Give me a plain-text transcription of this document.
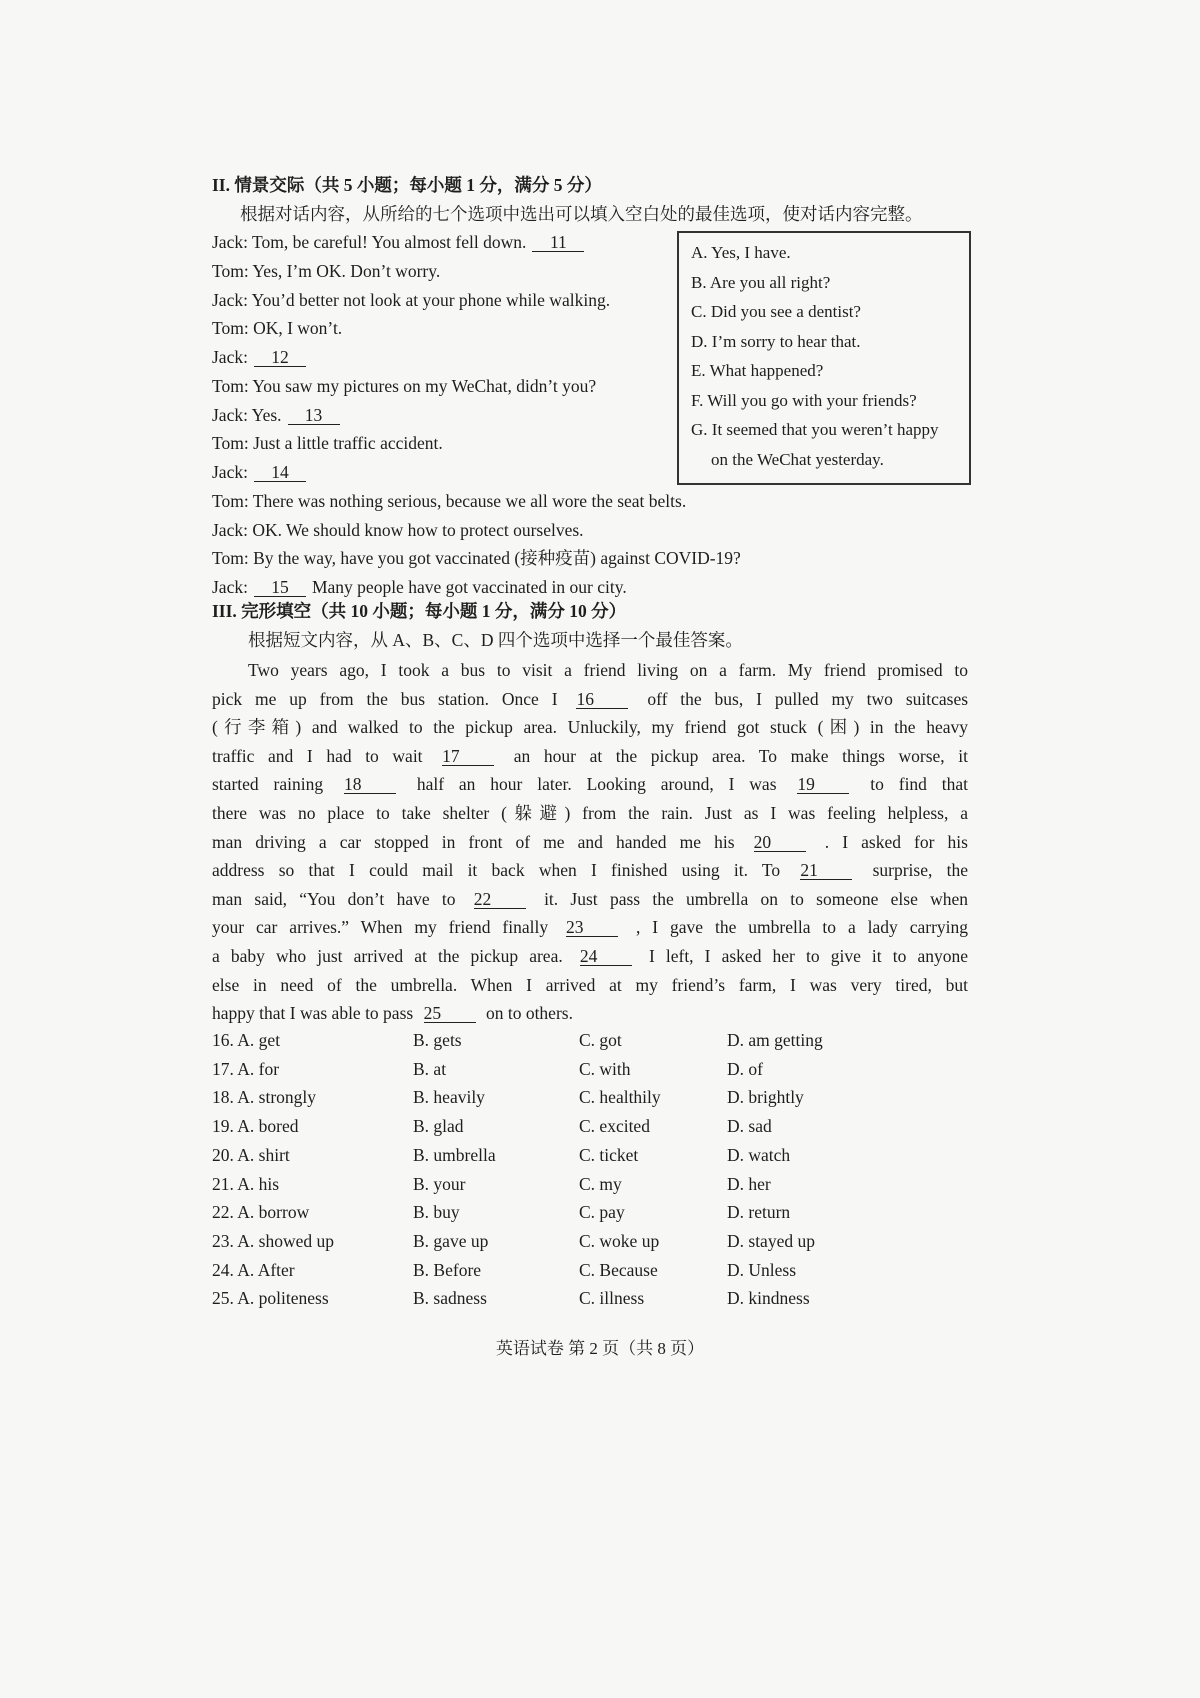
II. 情景交际（共 5 小题；每小题 1 分，满分 5 分）
根据对话内容，从所给的七个选项中选出可以填入空白处的最佳选项，使对话内容完整。
Jack: Tom, be careful! You almost fell down. 11
Tom: Yes, I’m OK. Don’t worry.
Jack: You’d better not look at your phone while walking.
Tom: OK, I won’t.
Jack: 12
Tom: You saw my pictures on my WeChat, didn’t you?
Jack: Yes. 13
Tom: Just a little traffic accident.
Jack: 14
Tom: There was nothing serious, because we all wore the seat belts.
Jack: OK. We should know how to protect ourselves.
Tom: By the way, have you got vaccinated (接种疫苗) against COVID-19?
Jack: 15 Many people have got vaccinated in our city.
A. Yes, I have.
B. Are you all right?
C. Did you see a dentist?
D. I’m sorry to hear that.
E. What happened?
F. Will you go with your friends?
G. It seemed that you weren’t happy
on the WeChat yesterday.
III. 完形填空（共 10 小题；每小题 1 分，满分 10 分）
根据短文内容，从 A、B、C、D 四个选项中选择一个最佳答案。
Two years ago, I took a bus to visit a friend living on a farm. My friend promised to
pick me up from the bus station. Once I 16	off the bus, I pulled my two suitcases
(行李箱) and walked to the pickup area. Unluckily, my friend got stuck (困) in the heavy
traffic and I had to wait 17	an hour at the pickup area. To make things worse, it
started raining 18	half an hour later. Looking around, I was 19	to find that
there was no place to take shelter (躲避) from the rain. Just as I was feeling helpless, a
man driving a car stopped in front of me and handed me his 20	. I asked for his
address so that I could mail it back when I finished using it. To 21	surprise, the
man said, “You don’t have to 22	it. Just pass the umbrella on to someone else when
your car arrives.” When my friend finally 23	, I gave the umbrella to a lady carrying
a baby who just arrived at the pickup area. 24	I left, I asked her to give it to anyone
else in need of the umbrella. When I arrived at my friend’s farm, I was very tired, but
happy that I was able to pass 25	on to others.
16. A. get	B. gets	C. got	D. am getting
17. A. for	B. at	C. with	D. of
18. A. strongly	B. heavily	C. healthily	D. brightly
19. A. bored	B. glad	C. excited	D. sad
20. A. shirt	B. umbrella	C. ticket	D. watch
21. A. his	B. your	C. my	D. her
22. A. borrow	B. buy	C. pay	D. return
23. A. showed up	B. gave up	C. woke up	D. stayed up
24. A. After	B. Before	C. Because	D. Unless
25. A. politeness	B. sadness	C. illness	D. kindness
英语试卷 第 2 页（共 8 页）
